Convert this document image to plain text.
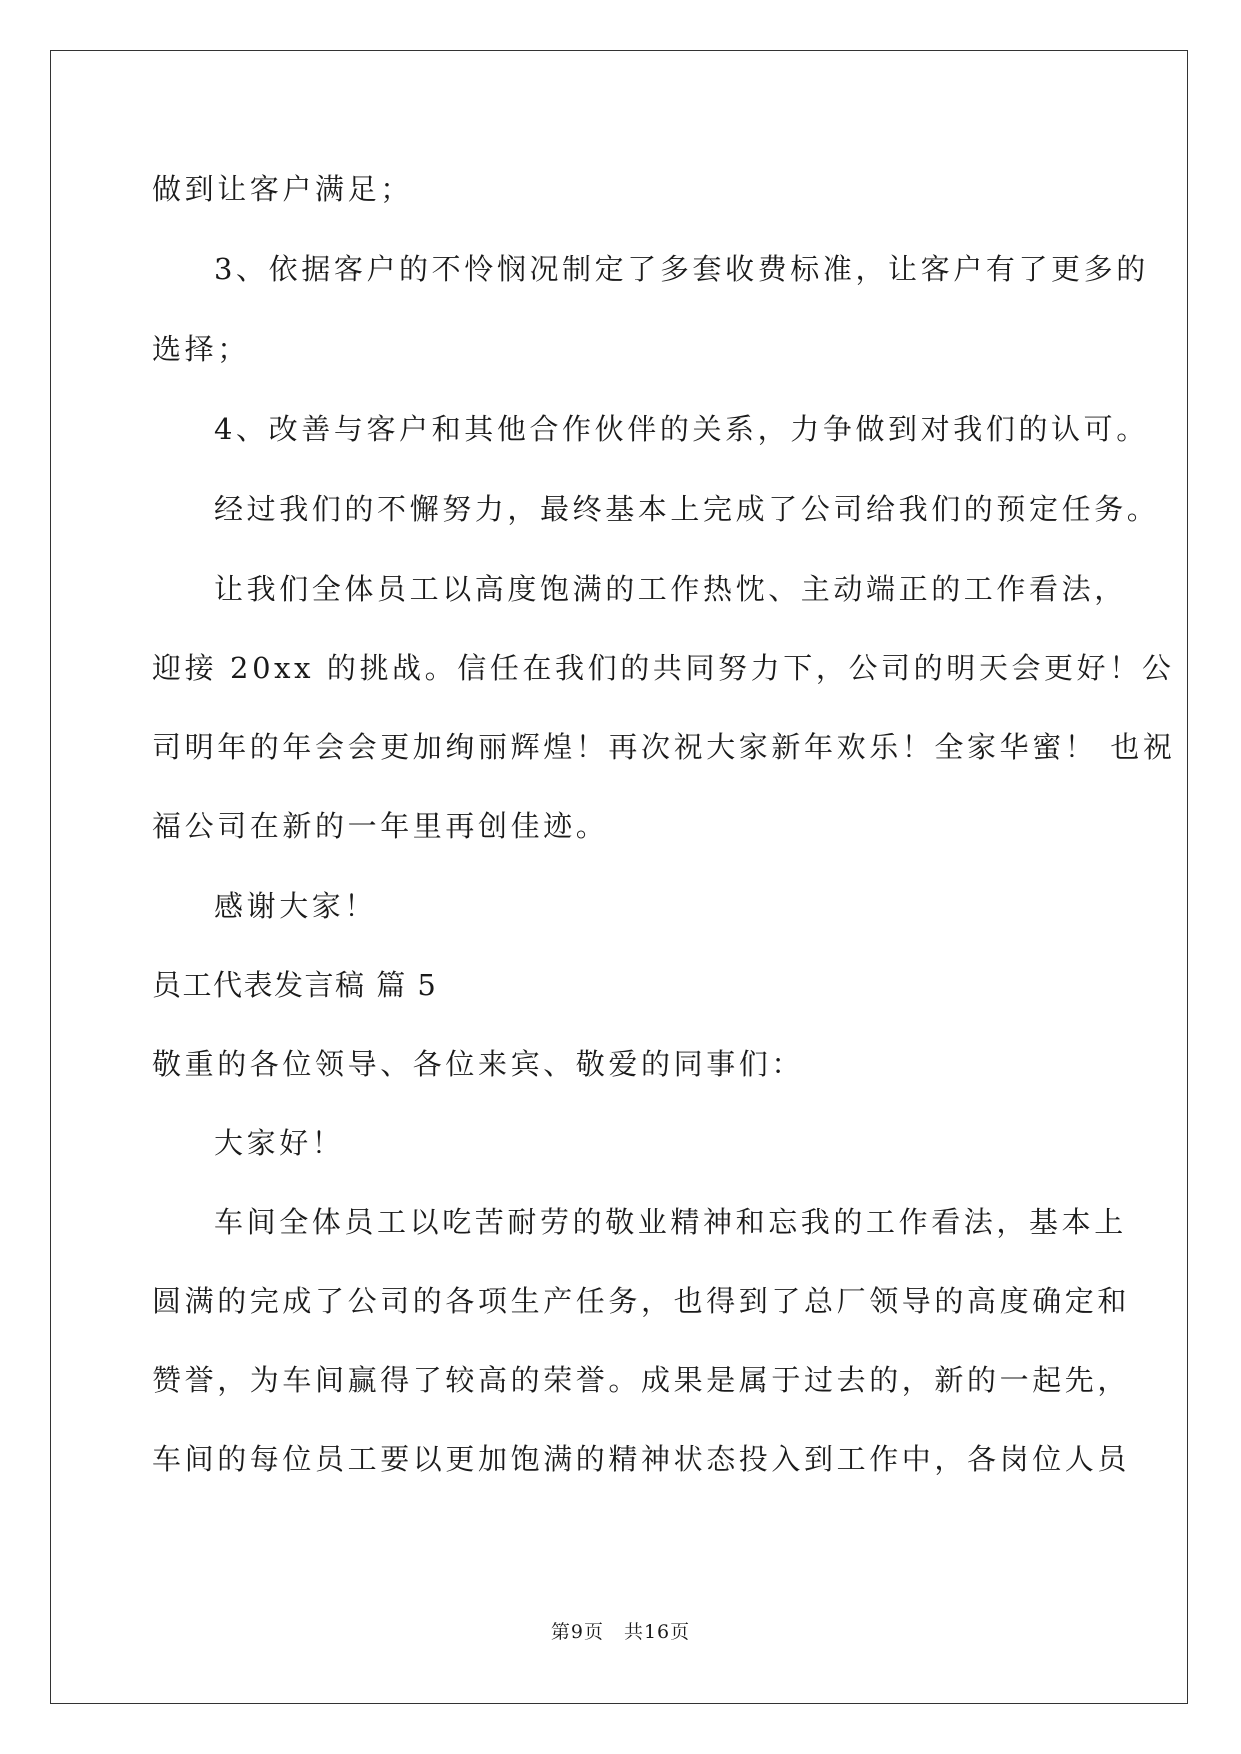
做到让客户满足；
3、依据客户的不怜悯况制定了多套收费标准，让客户有了更多的
选择；
4、改善与客户和其他合作伙伴的关系，力争做到对我们的认可。
经过我们的不懈努力，最终基本上完成了公司给我们的预定任务。
让我们全体员工以高度饱满的工作热忱、主动端正的工作看法，
迎接 20xx 的挑战。信任在我们的共同努力下，公司的明天会更好！公
司明年的年会会更加绚丽辉煌！再次祝大家新年欢乐！全家华蜜！ 也祝
福公司在新的一年里再创佳迹。
感谢大家！
员工代表发言稿 篇 5
敬重的各位领导、各位来宾、敬爱的同事们：
大家好！
车间全体员工以吃苦耐劳的敬业精神和忘我的工作看法，基本上
圆满的完成了公司的各项生产任务，也得到了总厂领导的高度确定和
赞誉，为车间赢得了较高的荣誉。成果是属于过去的，新的一起先，
车间的每位员工要以更加饱满的精神状态投入到工作中，各岗位人员
第9页 共16页
